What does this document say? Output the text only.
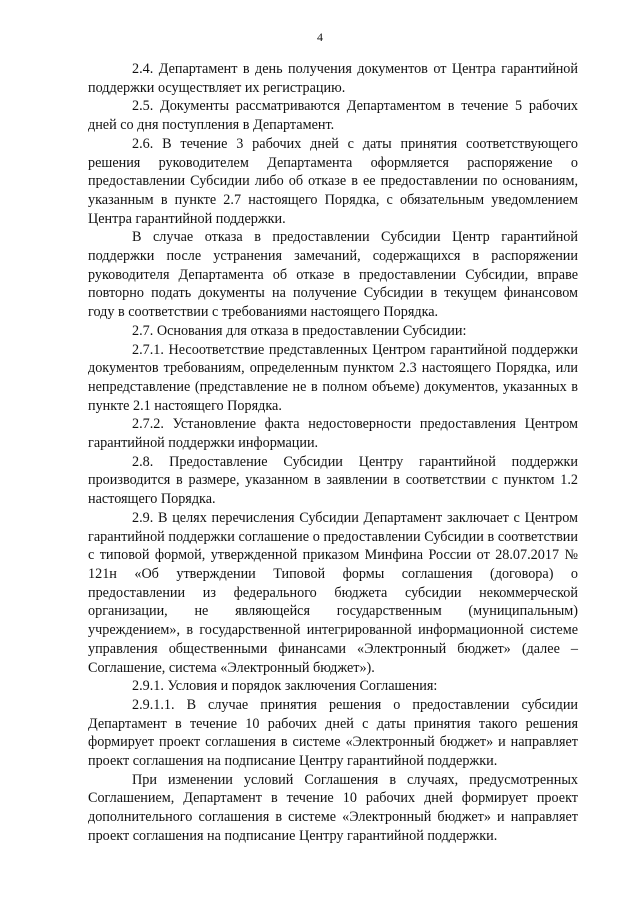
4

2.4. Департамент в день получения документов от Центра гарантийной поддержки осуществляет их регистрацию.

2.5. Документы рассматриваются Департаментом в течение 5 рабочих дней со дня поступления в Департамент.

2.6. В течение 3 рабочих дней с даты принятия соответствующего решения руководителем Департамента оформляется распоряжение о предоставлении Субсидии либо об отказе в ее предоставлении по основаниям, указанным в пункте 2.7 настоящего Порядка, с обязательным уведомлением Центра гарантийной поддержки.

В случае отказа в предоставлении Субсидии Центр гарантийной поддержки после устранения замечаний, содержащихся в распоряжении руководителя Департамента об отказе в предоставлении Субсидии, вправе повторно подать документы на получение Субсидии в текущем финансовом году в соответствии с требованиями настоящего Порядка.

2.7. Основания для отказа в предоставлении Субсидии:

2.7.1. Несоответствие представленных Центром гарантийной поддержки документов требованиям, определенным пунктом 2.3 настоящего Порядка, или непредставление (представление не в полном объеме) документов, указанных в пункте 2.1 настоящего Порядка.

2.7.2. Установление факта недостоверности предоставления Центром гарантийной поддержки информации.

2.8. Предоставление Субсидии Центру гарантийной поддержки производится в размере, указанном в заявлении в соответствии с пунктом 1.2 настоящего Порядка.

2.9. В целях перечисления Субсидии Департамент заключает с Центром гарантийной поддержки соглашение о предоставлении Субсидии в соответствии с типовой формой, утвержденной приказом Минфина России от 28.07.2017 № 121н «Об утверждении Типовой формы соглашения (договора) о предоставлении из федерального бюджета субсидии некоммерческой организации, не являющейся государственным (муниципальным) учреждением», в государственной интегрированной информационной системе управления общественными финансами «Электронный бюджет» (далее – Соглашение, система «Электронный бюджет»).

2.9.1. Условия и порядок заключения Соглашения:

2.9.1.1. В случае принятия решения о предоставлении субсидии Департамент в течение 10 рабочих дней с даты принятия такого решения формирует проект соглашения в системе «Электронный бюджет» и направляет проект соглашения на подписание Центру гарантийной поддержки.

При изменении условий Соглашения в случаях, предусмотренных Соглашением, Департамент в течение 10 рабочих дней формирует проект дополнительного соглашения в системе «Электронный бюджет» и направляет проект соглашения на подписание Центру гарантийной поддержки.
